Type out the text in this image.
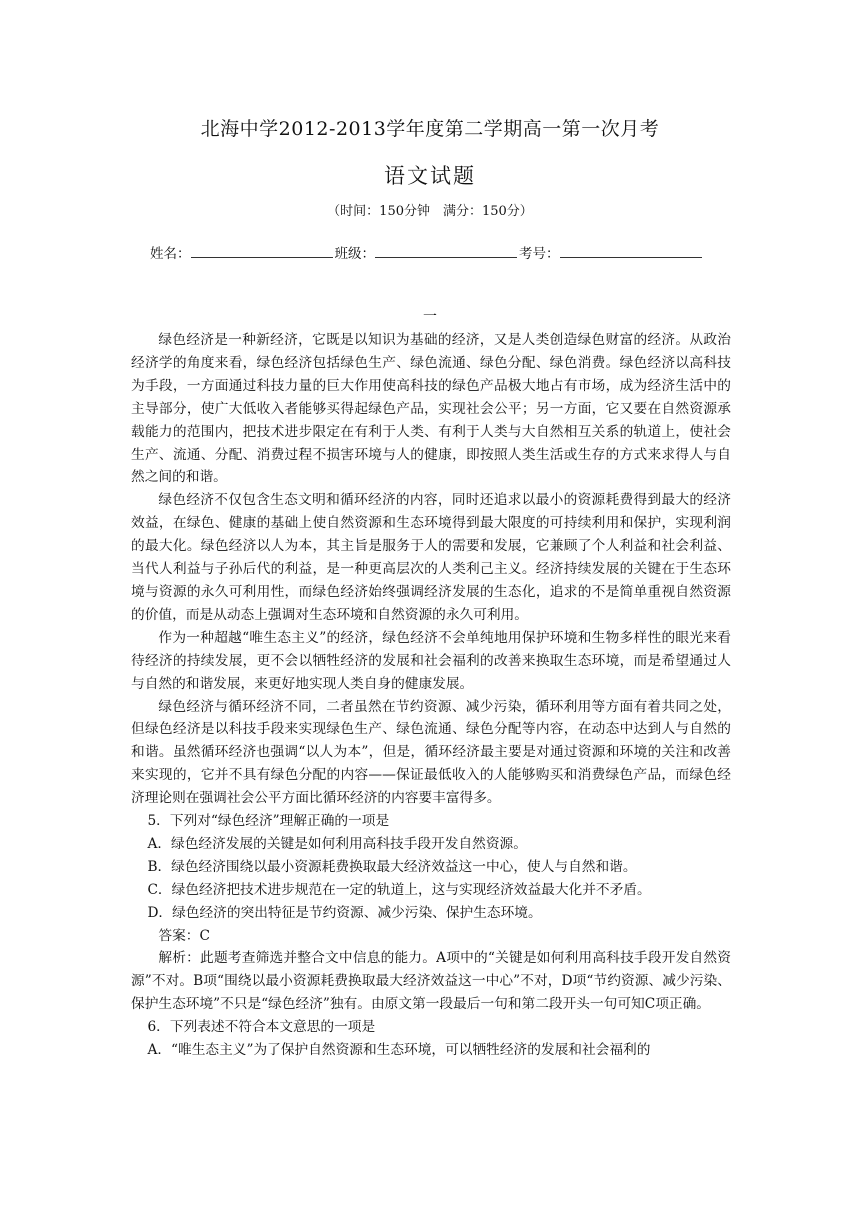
北海中学2012-2013学年度第二学期高一第一次月考
语文试题
（时间：150分钟　满分：150分）
姓名：	班级：	考号：
一

绿色经济是一种新经济，它既是以知识为基础的经济，又是人类创造绿色财富的经济。从政治经济学的角度来看，绿色经济包括绿色生产、绿色流通、绿色分配、绿色消费。绿色经济以高科技为手段，一方面通过科技力量的巨大作用使高科技的绿色产品极大地占有市场，成为经济生活中的主导部分，使广大低收入者能够买得起绿色产品，实现社会公平；另一方面，它又要在自然资源承载能力的范围内，把技术进步限定在有利于人类、有利于人类与大自然相互关系的轨道上，使社会生产、流通、分配、消费过程不损害环境与人的健康，即按照人类生活或生存的方式来求得人与自然之间的和谐。

绿色经济不仅包含生态文明和循环经济的内容，同时还追求以最小的资源耗费得到最大的经济效益，在绿色、健康的基础上使自然资源和生态环境得到最大限度的可持续利用和保护，实现利润的最大化。绿色经济以人为本，其主旨是服务于人的需要和发展，它兼顾了个人利益和社会利益、当代人利益与子孙后代的利益，是一种更高层次的人类利己主义。经济持续发展的关键在于生态环境与资源的永久可利用性，而绿色经济始终强调经济发展的生态化，追求的不是简单重视自然资源的价值，而是从动态上强调对生态环境和自然资源的永久可利用。

作为一种超越“唯生态主义”的经济，绿色经济不会单纯地用保护环境和生物多样性的眼光来看待经济的持续发展，更不会以牺牲经济的发展和社会福利的改善来换取生态环境，而是希望通过人与自然的和谐发展，来更好地实现人类自身的健康发展。

绿色经济与循环经济不同，二者虽然在节约资源、减少污染，循环利用等方面有着共同之处，但绿色经济是以科技手段来实现绿色生产、绿色流通、绿色分配等内容，在动态中达到人与自然的和谐。虽然循环经济也强调“以人为本”，但是，循环经济最主要是对通过资源和环境的关注和改善来实现的，它并不具有绿色分配的内容——保证最低收入的人能够购买和消费绿色产品，而绿色经济理论则在强调社会公平方面比循环经济的内容要丰富得多。

5．下列对“绿色经济”理解正确的一项是

A．绿色经济发展的关键是如何利用高科技手段开发自然资源。

B．绿色经济围绕以最小资源耗费换取最大经济效益这一中心，使人与自然和谐。

C．绿色经济把技术进步规范在一定的轨道上，这与实现经济效益最大化并不矛盾。

D．绿色经济的突出特征是节约资源、减少污染、保护生态环境。

答案：C

解析：此题考查筛选并整合文中信息的能力。A项中的“关键是如何利用高科技手段开发自然资源”不对。B项“围绕以最小资源耗费换取最大经济效益这一中心”不对，D项“节约资源、减少污染、保护生态环境”不只是“绿色经济”独有。由原文第一段最后一句和第二段开头一句可知C项正确。

6．下列表述不符合本文意思的一项是

A．“唯生态主义”为了保护自然资源和生态环境，可以牺牲经济的发展和社会福利的
